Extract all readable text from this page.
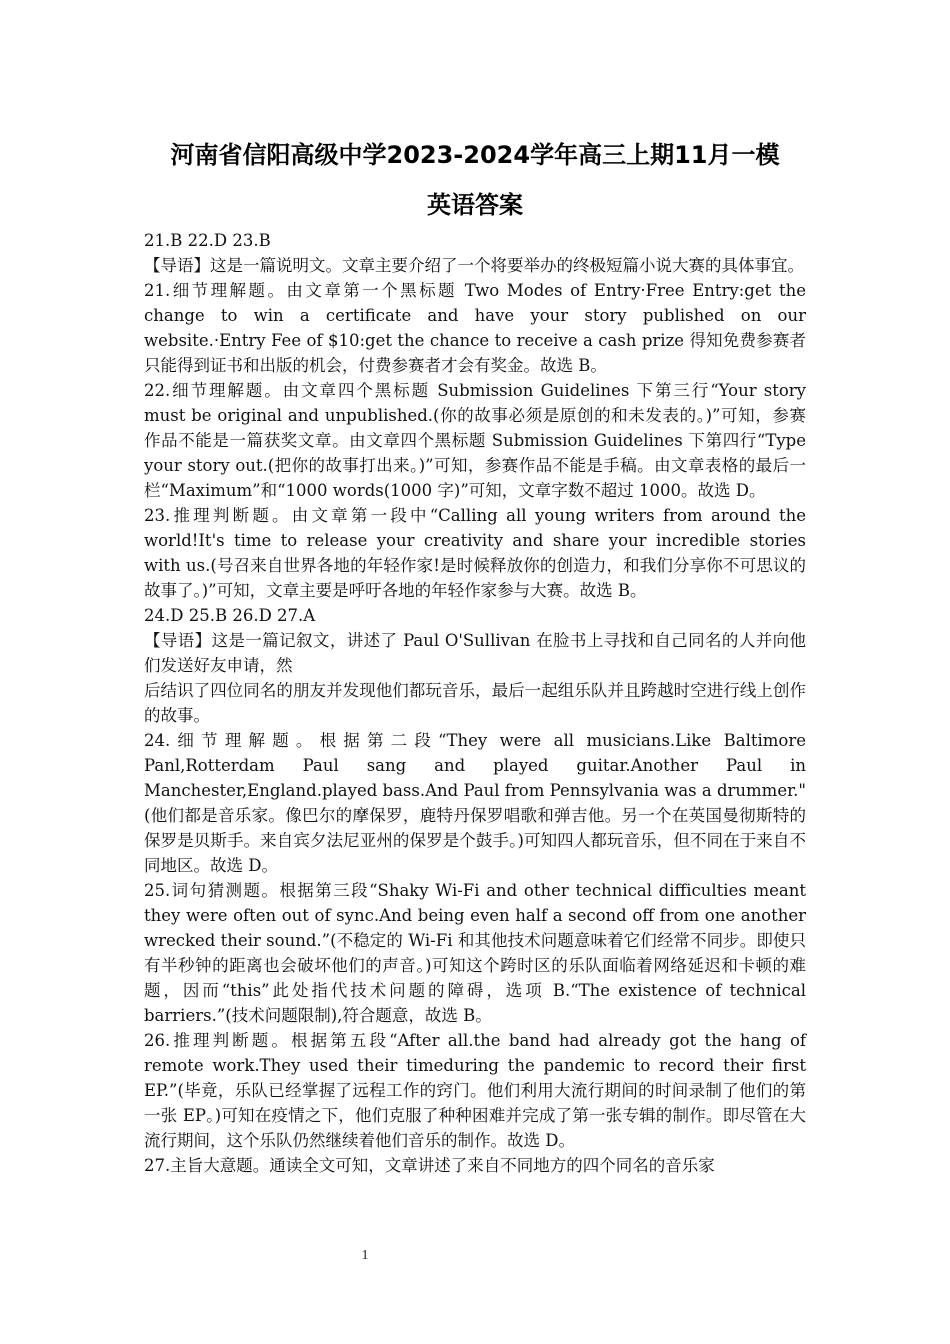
河南省信阳高级中学2023-2024学年高三上期11月一模
英语答案

21.B 22.D 23.B

【导语】这是一篇说明文。文章主要介绍了一个将要举办的终极短篇小说大赛的具体事宜。

21.细节理解题。由文章第一个黑标题 Two Modes of Entry·Free Entry:get the change to win a certificate and have your story published on our website.·Entry Fee of $10:get the chance to receive a cash prize 得知免费参赛者只能得到证书和出版的机会，付费参赛者才会有奖金。故选 B。

22.细节理解题。由文章四个黑标题 Submission Guidelines 下第三行“Your story must be original and unpublished.(你的故事必须是原创的和未发表的。)”可知，参赛作品不能是一篇获奖文章。由文章四个黑标题 Submission Guidelines 下第四行“Type your story out.(把你的故事打出来。)”可知，参赛作品不能是手稿。由文章表格的最后一栏“Maximum”和“1000 words(1000 字)”可知，文章字数不超过 1000。故选 D。

23.推理判断题。由文章第一段中“Calling all young writers from around the world!It's time to release your creativity and share your incredible stories with us.(号召来自世界各地的年轻作家!是时候释放你的创造力，和我们分享你不可思议的故事了。)”可知，文章主要是呼吁各地的年轻作家参与大赛。故选 B。

24.D 25.B 26.D 27.A

【导语】这是一篇记叙文，讲述了 Paul O'Sullivan 在脸书上寻找和自己同名的人并向他们发送好友申请，然

后结识了四位同名的朋友并发现他们都玩音乐，最后一起组乐队并且跨越时空进行线上创作的故事。

24.细节理解题。根据第二段“They were all musicians.Like Baltimore Panl,Rotterdam Paul sang and played guitar.Another Paul in Manchester,England.played bass.And Paul from Pennsylvania was a drummer."(他们都是音乐家。像巴尔的摩保罗，鹿特丹保罗唱歌和弹吉他。另一个在英国曼彻斯特的保罗是贝斯手。来自宾夕法尼亚州的保罗是个鼓手。)可知四人都玩音乐，但不同在于来自不同地区。故选 D。

25.词句猜测题。根据第三段“Shaky Wi-Fi and other technical difficulties meant they were often out of sync.And being even half a second off from one another wrecked their sound.”(不稳定的 Wi-Fi 和其他技术问题意味着它们经常不同步。即使只有半秒钟的距离也会破坏他们的声音。)可知这个跨时区的乐队面临着网络延迟和卡顿的难题，因而“this”此处指代技术问题的障碍，选项 B.“The existence of technical barriers.”(技术问题限制),符合题意，故选 B。

26.推理判断题。根据第五段“After all.the band had already got the hang of remote work.They used their timeduring the pandemic to record their first EP.”(毕竟，乐队已经掌握了远程工作的窍门。他们利用大流行期间的时间录制了他们的第一张 EP。)可知在疫情之下，他们克服了种种困难并完成了第一张专辑的制作。即尽管在大流行期间，这个乐队仍然继续着他们音乐的制作。故选 D。

27.主旨大意题。通读全文可知，文章讲述了来自不同地方的四个同名的音乐家

1
